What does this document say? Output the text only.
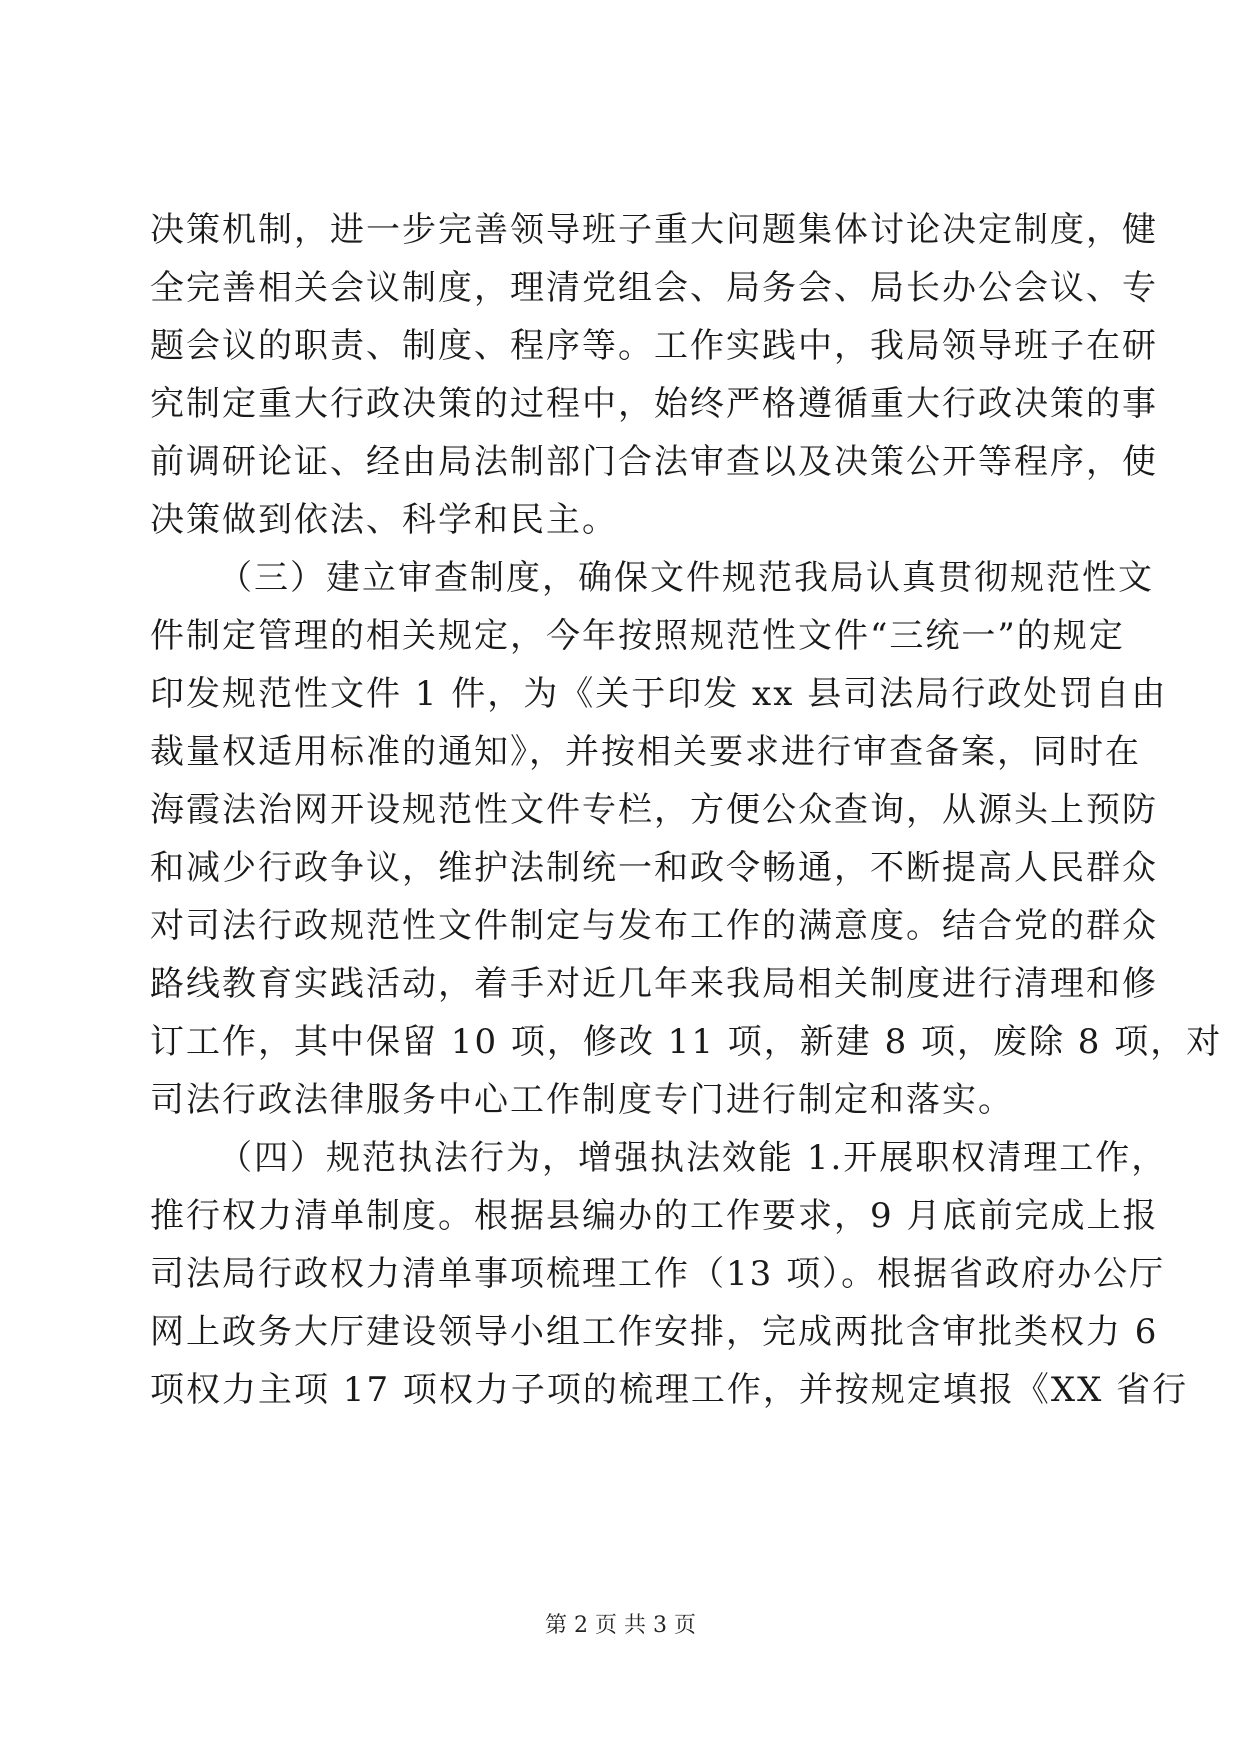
决策机制，进一步完善领导班子重大问题集体讨论决定制度，健
全完善相关会议制度，理清党组会、局务会、局长办公会议、专
题会议的职责、制度、程序等。工作实践中，我局领导班子在研
究制定重大行政决策的过程中，始终严格遵循重大行政决策的事
前调研论证、经由局法制部门合法审查以及决策公开等程序，使
决策做到依法、科学和民主。
（三）建立审查制度，确保文件规范我局认真贯彻规范性文
件制定管理的相关规定，今年按照规范性文件“三统一”的规定
印发规范性文件 1 件，为《关于印发 xx 县司法局行政处罚自由
裁量权适用标准的通知》，并按相关要求进行审查备案，同时在
海霞法治网开设规范性文件专栏，方便公众查询，从源头上预防
和减少行政争议，维护法制统一和政令畅通，不断提高人民群众
对司法行政规范性文件制定与发布工作的满意度。结合党的群众
路线教育实践活动，着手对近几年来我局相关制度进行清理和修
订工作，其中保留 10 项，修改 11 项，新建 8 项，废除 8 项，对
司法行政法律服务中心工作制度专门进行制定和落实。
（四）规范执法行为，增强执法效能 1.开展职权清理工作，
推行权力清单制度。根据县编办的工作要求，9 月底前完成上报
司法局行政权力清单事项梳理工作（13 项）。根据省政府办公厅
网上政务大厅建设领导小组工作安排，完成两批含审批类权力 6
项权力主项 17 项权力子项的梳理工作，并按规定填报《XX 省行
第 2 页 共 3 页
